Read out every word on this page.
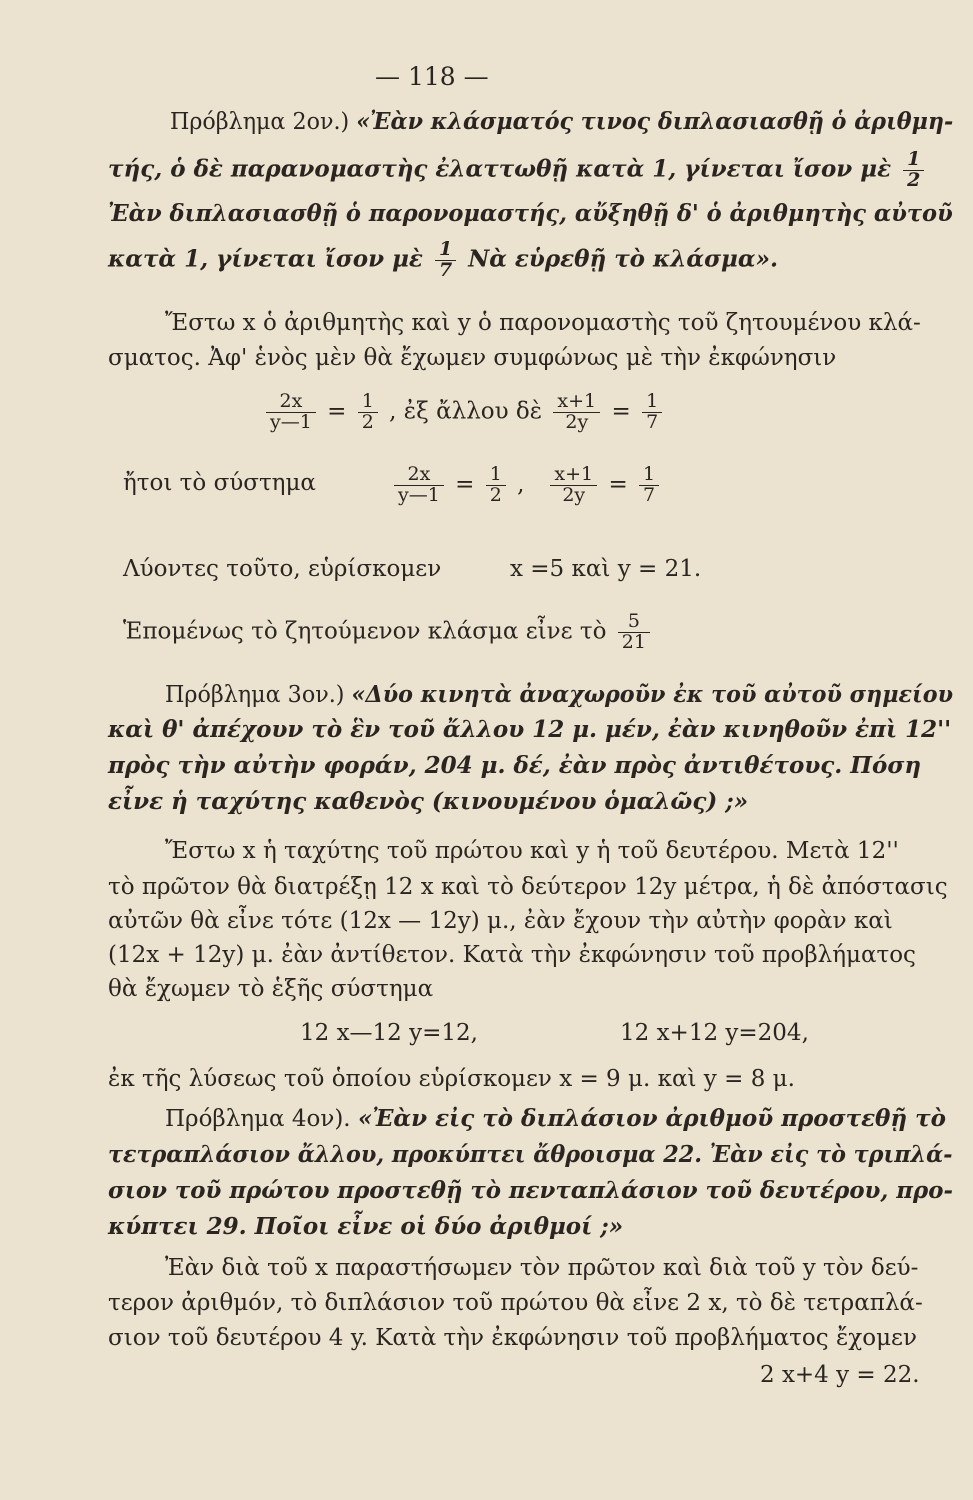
— 118 —
Πρόβλημα 2ον.) «Ἐὰν κλάσματός τινος διπλασιασθῇ ὁ ἀριθμη-
τής, ὁ δὲ παρανομαστὴς ἐλαττωθῇ κατὰ 1, γίνεται ἴσον μὲ $\frac{1}{2}$
Ἐὰν διπλασιασθῇ ὁ παρονομαστής, αὔξηθῇ δ' ὁ ἀριθμητὴς αὐτοῦ
κατὰ 1, γίνεται ἴσον μὲ $\frac{1}{7}$ Νὰ εὑρεθῇ τὸ κλάσμα».
Ἔστω x ὁ ἀριθμητὴς καὶ y ὁ παρονομαστὴς τοῦ ζητουμένου κλά-
σματος. Ἀφ' ἑνὸς μὲν θὰ ἔχωμεν συμφώνως μὲ τὴν ἐκφώνησιν
$\frac{2x}{y—1} = \frac{1}{2}$ , ἐξ ἄλλου δὲ $\frac{x+1}{2y} = \frac{1}{7}$
ἤτοι τὸ σύστημα	$\frac{2x}{y—1} = \frac{1}{2}$ , $\frac{x+1}{2y} = \frac{1}{7}$
Λύοντες τοῦτο, εὑρίσκομεν	x =5 καὶ y = 21.
Ἑπομένως τὸ ζητούμενον κλάσμα εἶνε τὸ $\frac{5}{21}$
Πρόβλημα 3ον.) «Δύο κινητὰ ἀναχωροῦν ἐκ τοῦ αὐτοῦ σημείου
καὶ θ' ἀπέχουν τὸ ἓν τοῦ ἄλλου 12 μ. μέν, ἐὰν κινηθοῦν ἐπὶ 12''
πρὸς τὴν αὐτὴν φοράν, 204 μ. δέ, ἐὰν πρὸς ἀντιθέτους. Πόση
εἶνε ἡ ταχύτης καθενὸς (κινουμένου ὁμαλῶς) ;»
Ἔστω x ἡ ταχύτης τοῦ πρώτου καὶ y ἡ τοῦ δευτέρου. Μετὰ 12''
τὸ πρῶτον θὰ διατρέξῃ 12 x καὶ τὸ δεύτερον 12y μέτρα, ἡ δὲ ἀπόστασις
αὐτῶν θὰ εἶνε τότε (12x — 12y) μ., ἐὰν ἔχουν τὴν αὐτὴν φορὰν καὶ
(12x + 12y) μ. ἐὰν ἀντίθετον. Κατὰ τὴν ἐκφώνησιν τοῦ προβλήματος
θὰ ἔχωμεν τὸ ἑξῆς σύστημα
12 x—12 y=12,	12 x+12 y=204,
ἐκ τῆς λύσεως τοῦ ὁποίου εὑρίσκομεν x = 9 μ. καὶ y = 8 μ.
Πρόβλημα 4ον). «Ἐὰν εἰς τὸ διπλάσιον ἀριθμοῦ προστεθῇ τὸ
τετραπλάσιον ἄλλου, προκύπτει ἄθροισμα 22. Ἐὰν εἰς τὸ τριπλά-
σιον τοῦ πρώτου προστεθῇ τὸ πενταπλάσιον τοῦ δευτέρου, προ-
κύπτει 29. Ποῖοι εἶνε οἱ δύο ἀριθμοί ;»
Ἐὰν διὰ τοῦ x παραστήσωμεν τὸν πρῶτον καὶ διὰ τοῦ y τὸν δεύ-
τερον ἀριθμόν, τὸ διπλάσιον τοῦ πρώτου θὰ εἶνε 2 x, τὸ δὲ τετραπλά-
σιον τοῦ δευτέρου 4 y. Κατὰ τὴν ἐκφώνησιν τοῦ προβλήματος ἔχομεν
2 x+4 y = 22.
